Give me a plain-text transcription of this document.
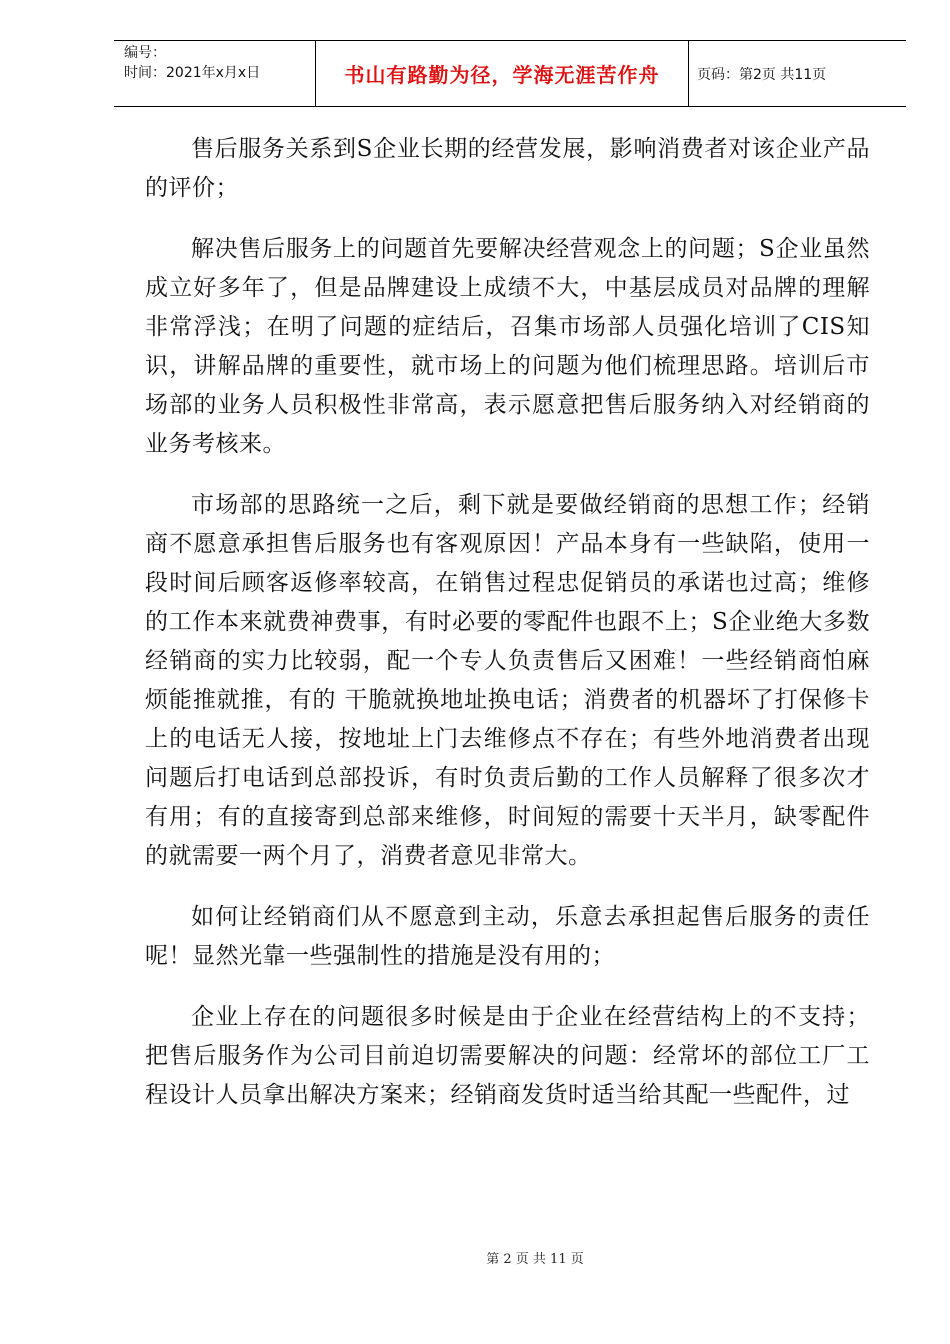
编号：
时间：2021年x月x日	书山有路勤为径，学海无涯苦作舟	页码：第2页 共11页

售后服务关系到S企业长期的经营发展，影响消费者对该企业产品的评价；

解决售后服务上的问题首先要解决经营观念上的问题；S企业虽然成立好多年了，但是品牌建设上成绩不大，中基层成员对品牌的理解非常浮浅；在明了问题的症结后，召集市场部人员强化培训了CIS知识，讲解品牌的重要性，就市场上的问题为他们梳理思路。培训后市场部的业务人员积极性非常高，表示愿意把售后服务纳入对经销商的业务考核来。

市场部的思路统一之后，剩下就是要做经销商的思想工作；经销商不愿意承担售后服务也有客观原因！产品本身有一些缺陷，使用一段时间后顾客返修率较高，在销售过程忠促销员的承诺也过高；维修的工作本来就费神费事，有时必要的零配件也跟不上；S企业绝大多数经销商的实力比较弱，配一个专人负责售后又困难！一些经销商怕麻烦能推就推，有的 干脆就换地址换电话；消费者的机器坏了打保修卡上的电话无人接，按地址上门去维修点不存在；有些外地消费者出现问题后打电话到总部投诉，有时负责后勤的工作人员解释了很多次才有用；有的直接寄到总部来维修，时间短的需要十天半月，缺零配件的就需要一两个月了，消费者意见非常大。

如何让经销商们从不愿意到主动，乐意去承担起售后服务的责任呢！显然光靠一些强制性的措施是没有用的；

企业上存在的问题很多时候是由于企业在经营结构上的不支持；把售后服务作为公司目前迫切需要解决的问题：经常坏的部位工厂工程设计人员拿出解决方案来；经销商发货时适当给其配一些配件，过

第 2 页 共 11 页
